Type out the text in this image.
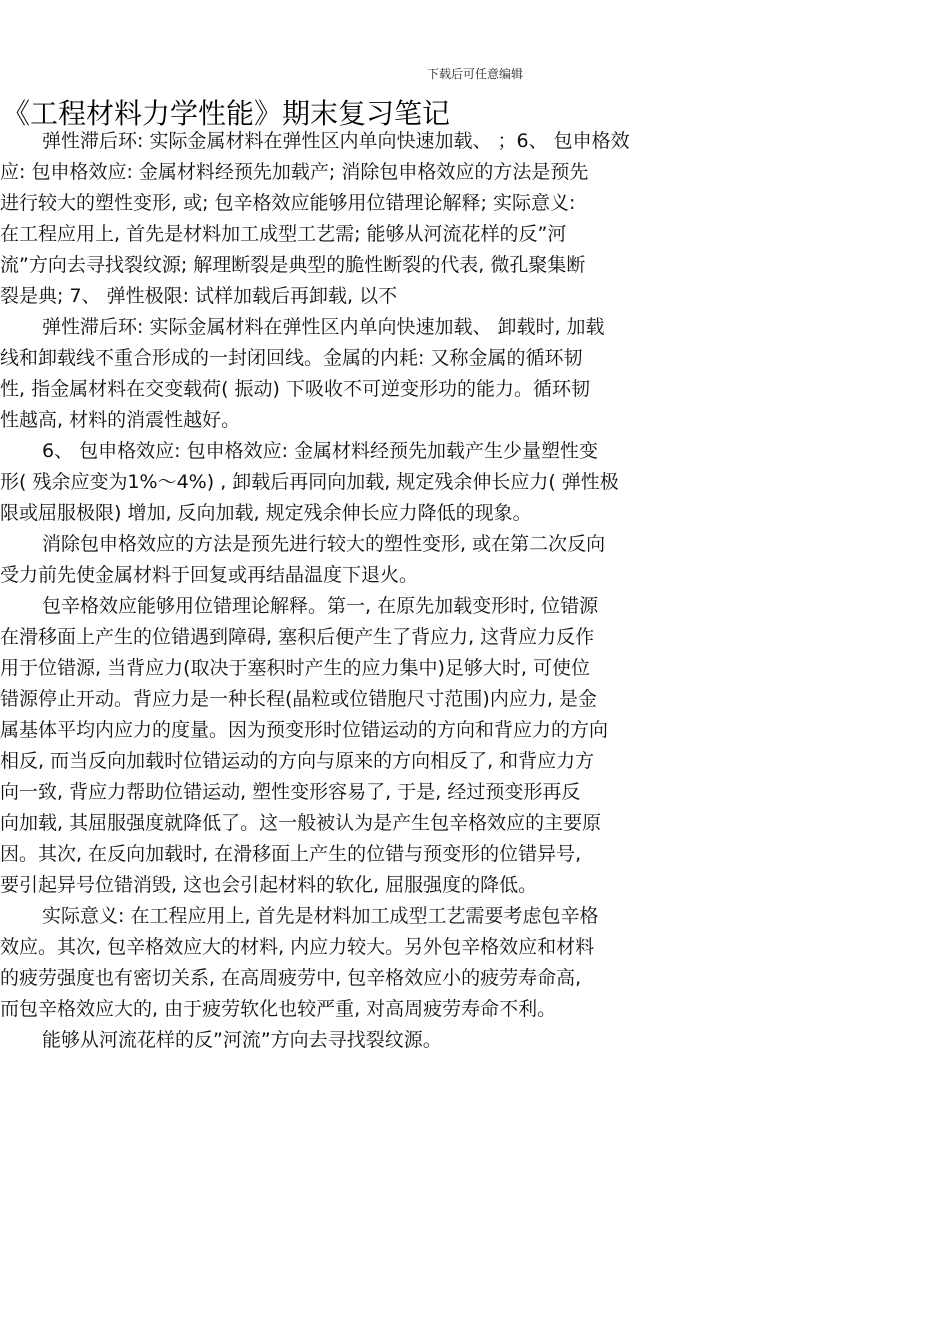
下载后可任意编辑
《工程材料力学性能》期末复习笔记
弹性滞后环: 实际金属材料在弹性区内单向快速加载、 ；6、 包申格效
应: 包申格效应: 金属材料经预先加载产; 消除包申格效应的方法是预先
进行较大的塑性变形, 或; 包辛格效应能够用位错理论解释; 实际意义:
在工程应用上, 首先是材料加工成型工艺需; 能够从河流花样的反”河
流”方向去寻找裂纹源; 解理断裂是典型的脆性断裂的代表, 微孔聚集断
裂是典; 7、 弹性极限: 试样加载后再卸载, 以不
弹性滞后环: 实际金属材料在弹性区内单向快速加载、 卸载时, 加载
线和卸载线不重合形成的一封闭回线。金属的内耗: 又称金属的循环韧
性, 指金属材料在交变载荷( 振动) 下吸收不可逆变形功的能力。循环韧
性越高, 材料的消震性越好。
6、 包申格效应: 包申格效应: 金属材料经预先加载产生少量塑性变
形( 残余应变为1%～4%) , 卸载后再同向加载, 规定残余伸长应力( 弹性极
限或屈服极限) 增加, 反向加载, 规定残余伸长应力降低的现象。
消除包申格效应的方法是预先进行较大的塑性变形, 或在第二次反向
受力前先使金属材料于回复或再结晶温度下退火。
包辛格效应能够用位错理论解释。第一, 在原先加载变形时, 位错源
在滑移面上产生的位错遇到障碍, 塞积后便产生了背应力, 这背应力反作
用于位错源, 当背应力(取决于塞积时产生的应力集中)足够大时, 可使位
错源停止开动。背应力是一种长程(晶粒或位错胞尺寸范围)内应力, 是金
属基体平均内应力的度量。因为预变形时位错运动的方向和背应力的方向
相反, 而当反向加载时位错运动的方向与原来的方向相反了, 和背应力方
向一致, 背应力帮助位错运动, 塑性变形容易了, 于是, 经过预变形再反
向加载, 其屈服强度就降低了。这一般被认为是产生包辛格效应的主要原
因。其次, 在反向加载时, 在滑移面上产生的位错与预变形的位错异号,
要引起异号位错消毁, 这也会引起材料的软化, 屈服强度的降低。
实际意义: 在工程应用上, 首先是材料加工成型工艺需要考虑包辛格
效应。其次, 包辛格效应大的材料, 内应力较大。另外包辛格效应和材料
的疲劳强度也有密切关系, 在高周疲劳中, 包辛格效应小的疲劳寿命高,
而包辛格效应大的, 由于疲劳软化也较严重, 对高周疲劳寿命不利。
能够从河流花样的反”河流”方向去寻找裂纹源。
